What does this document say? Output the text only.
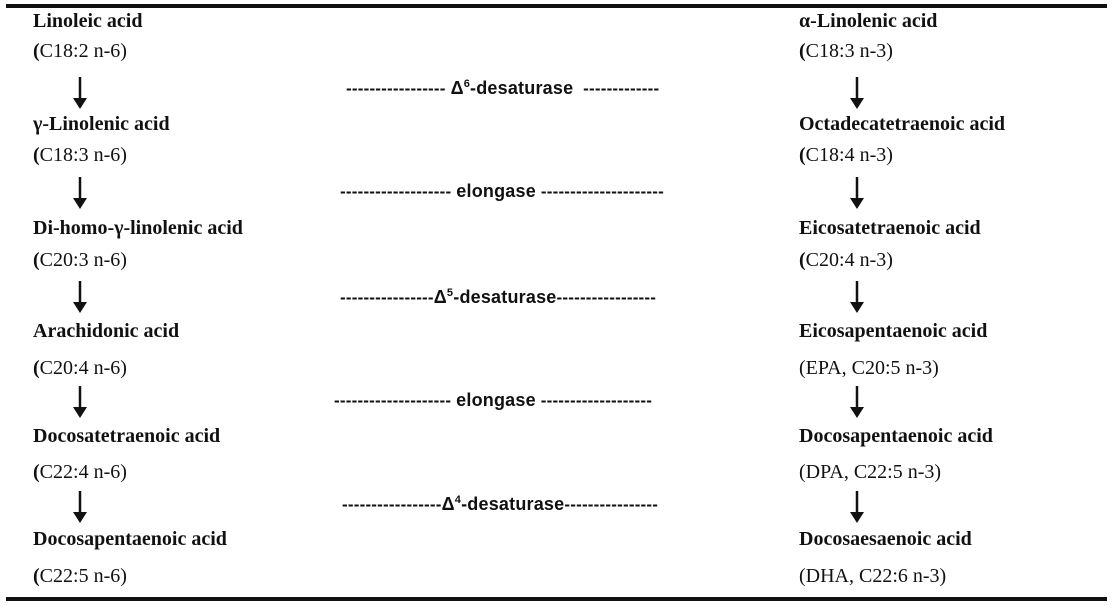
Linoleic acid
(C18:2 n-6)
γ-Linolenic acid
(C18:3 n-6)
Di-homo-γ-linolenic acid
(C20:3 n-6)
Arachidonic acid
(C20:4 n-6)
Docosatetraenoic acid
(C22:4 n-6)
Docosapentaenoic acid
(C22:5 n-6)
----------------- $\Delta^6$-desaturase  -------------
------------------- elongase ---------------------
$----------------\Delta^5-desaturase-----------------$
-------------------- elongase -------------------
$-----------------\Delta^4-desaturase----------------$
α-Linolenic acid
(C18:3 n-3)
Octadecatetraenoic acid
(C18:4 n-3)
Eicosatetraenoic acid
(C20:4 n-3)
Eicosapentaenoic acid
(EPA, C20:5 n-3)
Docosapentaenoic acid
(DPA, C22:5 n-3)
Docosaesaenoic acid
(DHA, C22:6 n-3)
